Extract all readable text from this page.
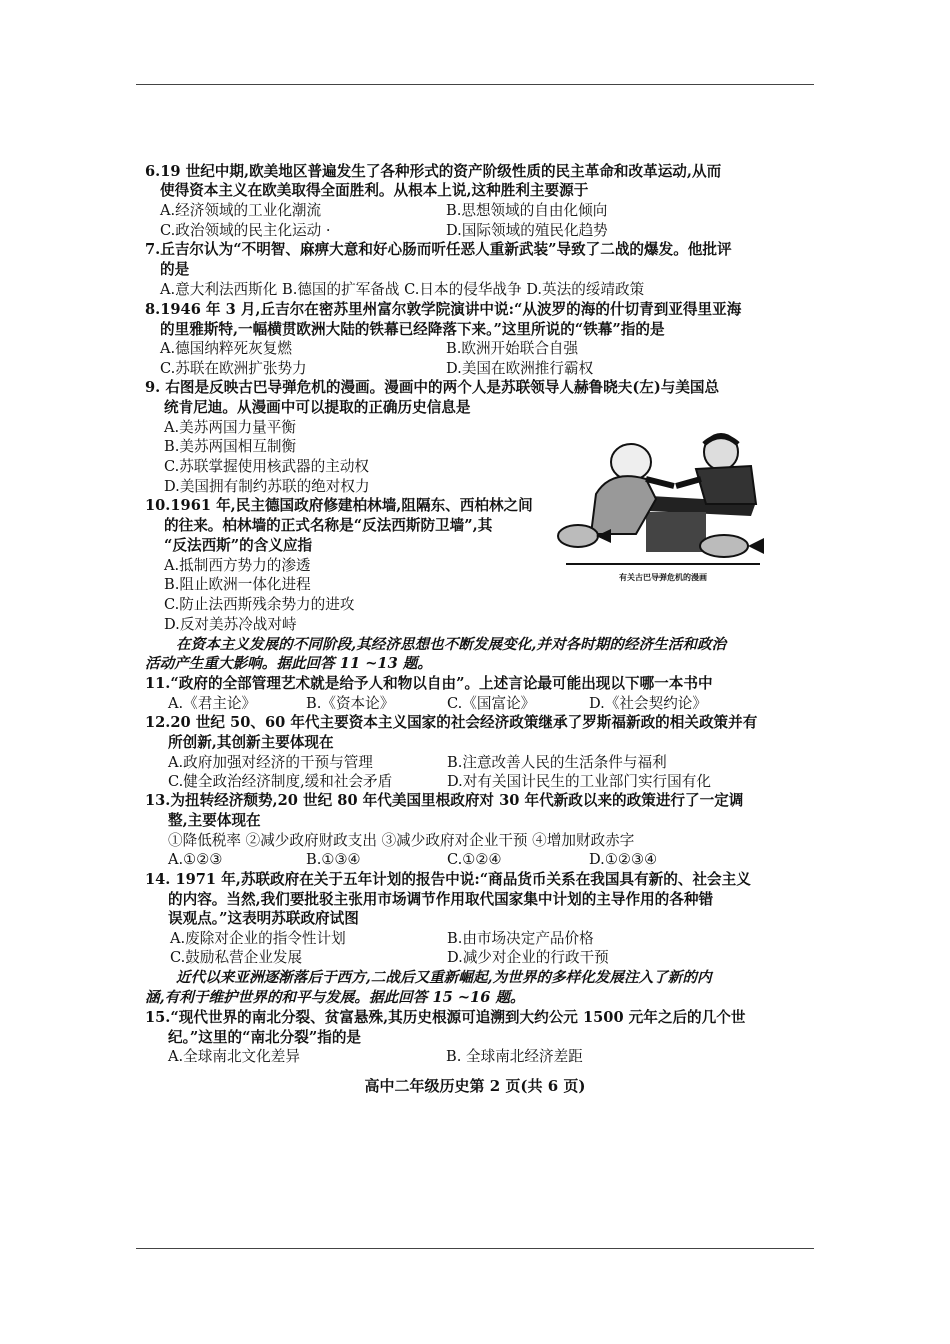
6.19 世纪中期,欧美地区普遍发生了各种形式的资产阶级性质的民主革命和改革运动,从而
使得资本主义在欧美取得全面胜利。从根本上说,这种胜利主要源于
A.经济领域的工业化潮流	B.思想领域的自由化倾向
C.政治领域的民主化运动 ·	D.国际领域的殖民化趋势
7.丘吉尔认为“不明智、麻痹大意和好心肠而听任恶人重新武装”导致了二战的爆发。他批评
的是
A.意大利法西斯化 B.德国的扩军备战 C.日本的侵华战争 D.英法的绥靖政策
8.1946 年 3 月,丘吉尔在密苏里州富尔敦学院演讲中说:“从波罗的海的什切青到亚得里亚海
的里雅斯特,一幅横贯欧洲大陆的铁幕已经降落下来。”这里所说的“铁幕”指的是
A.德国纳粹死灰复燃	B.欧洲开始联合自强
C.苏联在欧洲扩张势力	D.美国在欧洲推行霸权
9. 右图是反映古巴导弹危机的漫画。漫画中的两个人是苏联领导人赫鲁晓夫(左)与美国总
统肯尼迪。从漫画中可以提取的正确历史信息是
A.美苏两国力量平衡
B.美苏两国相互制衡
C.苏联掌握使用核武器的主动权
D.美国拥有制约苏联的绝对权力
10.1961 年,民主德国政府修建柏林墙,阻隔东、西柏林之间
的往来。柏林墙的正式名称是“反法西斯防卫墙”,其
“反法西斯”的含义应指
A.抵制西方势力的渗透
B.阻止欧洲一体化进程
C.防止法西斯残余势力的进攻
D.反对美苏冷战对峙
在资本主义发展的不同阶段,其经济思想也不断发展变化,并对各时期的经济生活和政治
活动产生重大影响。据此回答 11 ~13 题。
11.“政府的全部管理艺术就是给予人和物以自由”。上述言论最可能出现以下哪一本书中
A.《君主论》	B.《资本论》	C.《国富论》	D.《社会契约论》
12.20 世纪 50、60 年代主要资本主义国家的社会经济政策继承了罗斯福新政的相关政策并有
所创新,其创新主要体现在
A.政府加强对经济的干预与管理	B.注意改善人民的生活条件与福利
C.健全政治经济制度,缓和社会矛盾	D.对有关国计民生的工业部门实行国有化
13.为扭转经济颓势,20 世纪 80 年代美国里根政府对 30 年代新政以来的政策进行了一定调
整,主要体现在
①降低税率 ②减少政府财政支出 ③减少政府对企业干预 ④增加财政赤字
A.①②③	B.①③④	C.①②④	D.①②③④
14. 1971 年,苏联政府在关于五年计划的报告中说:“商品货币关系在我国具有新的、社会主义
的内容。当然,我们要批驳主张用市场调节作用取代国家集中计划的主导作用的各种错
误观点。”这表明苏联政府试图
A.废除对企业的指令性计划	B.由市场决定产品价格
C.鼓励私营企业发展	D.减少对企业的行政干预
近代以来亚洲逐渐落后于西方,二战后又重新崛起,为世界的多样化发展注入了新的内
涵,有利于维护世界的和平与发展。据此回答 15 ~16 题。
15.“现代世界的南北分裂、贫富悬殊,其历史根源可追溯到大约公元 1500 元年之后的几个世
纪。”这里的“南北分裂”指的是
A.全球南北文化差异	B. 全球南北经济差距
有关古巴导弹危机的漫画
高中二年级历史第 2 页(共 6 页)
